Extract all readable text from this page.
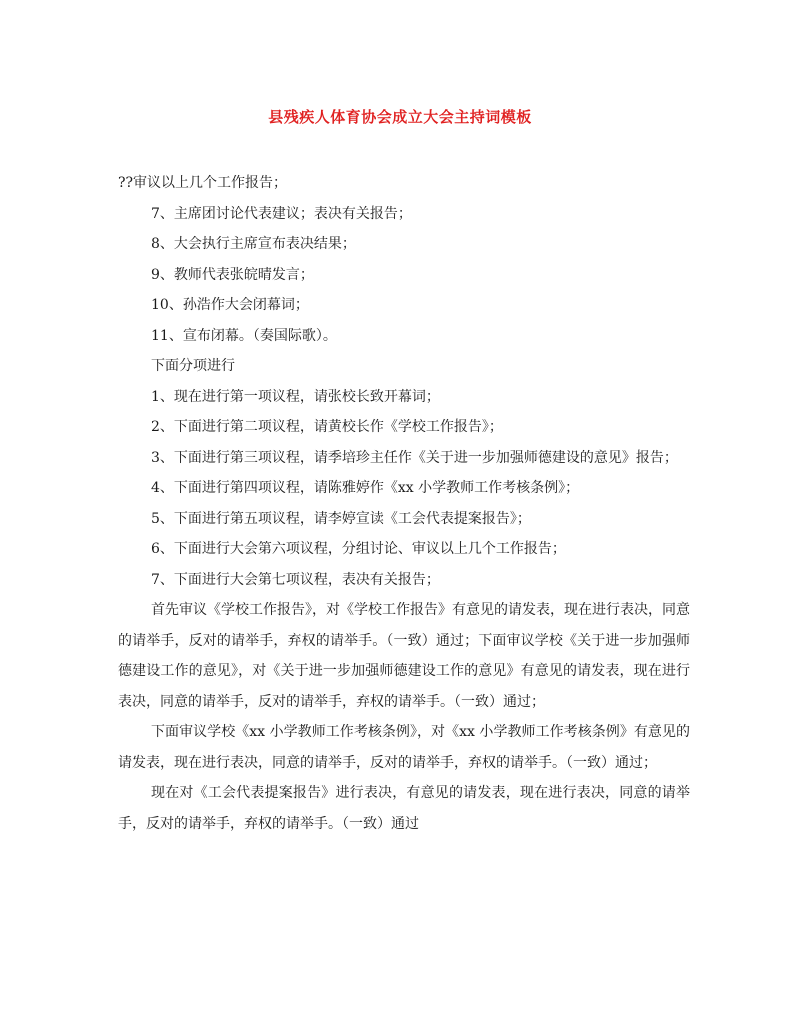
县残疾人体育协会成立大会主持词模板

??审议以上几个工作报告；

7、主席团讨论代表建议；表决有关报告；

8、大会执行主席宣布表决结果；

9、教师代表张皖晴发言；

10、孙浩作大会闭幕词；

11、宣布闭幕。（奏国际歌）。

下面分项进行

1、现在进行第一项议程，请张校长致开幕词；

2、下面进行第二项议程，请黄校长作《学校工作报告》；

3、下面进行第三项议程，请季培珍主任作《关于进一步加强师德建设的意见》报告；

4、下面进行第四项议程，请陈雅婷作《xx 小学教师工作考核条例》；

5、下面进行第五项议程，请李婷宣读《工会代表提案报告》；

6、下面进行大会第六项议程，分组讨论、审议以上几个工作报告；

7、下面进行大会第七项议程，表决有关报告；

首先审议《学校工作报告》，对《学校工作报告》有意见的请发表，现在进行表决，同意的请举手，反对的请举手，弃权的请举手。（一致）通过；下面审议学校《关于进一步加强师德建设工作的意见》，对《关于进一步加强师德建设工作的意见》有意见的请发表，现在进行表决，同意的请举手，反对的请举手，弃权的请举手。（一致）通过；

下面审议学校《xx 小学教师工作考核条例》，对《xx 小学教师工作考核条例》有意见的请发表，现在进行表决，同意的请举手，反对的请举手，弃权的请举手。（一致）通过；

现在对《工会代表提案报告》进行表决，有意见的请发表，现在进行表决，同意的请举手，反对的请举手，弃权的请举手。（一致）通过
